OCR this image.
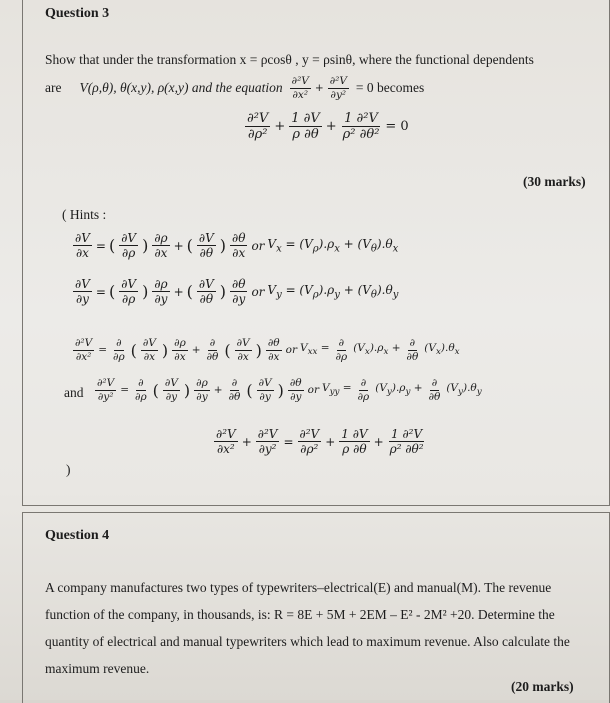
Question 3
Show that under the transformation x = ρcosθ , y = ρsinθ, where the functional dependents
are V(ρ,θ), θ(x,y), ρ(x,y) and the equation $\frac{\text{∂²V}}{\text{∂x²}} + \frac{\text{∂²V}}{\text{∂y²}} = 0$ becomes
$\frac{\text{∂²V}}{\text{∂ρ²}} + \frac{1 \partial V}{\rho \partial\theta} + \frac{\text{1 ∂²V}}{\text{ρ² ∂θ²}} = 0$
(30 marks)
( Hints :
$\frac{\partial V}{\partial x}$ = ( $\frac{\partial V}{\partial\rho}$ ) $\frac{\partial\rho}{\partial x}$ + ( $\frac{\partial V}{\partial\theta}$ ) $\frac{\partial\theta}{\partial x}$ or $V_x = (V_\rho).\rho_x + (V_\theta).\theta_x$
$\frac{\partial V}{\partial y}$ = ( $\frac{\partial V}{\partial\rho}$ ) $\frac{\partial\rho}{\partial y}$ + ( $\frac{\partial V}{\partial\theta}$ ) $\frac{\partial\theta}{\partial y}$ or $V_y = (V_\rho).\rho_y + (V_\theta).\theta_y$
$\frac{\text{∂²V}}{\text{∂x²}} = \frac{\partial}{\partial\rho}$ ( $\frac{\partial V}{\partial x}$ ) $\frac{\partial\rho}{\partial x} + \frac{\partial}{\partial\theta}$ ( $\frac{\partial V}{\partial x}$ ) $\frac{\partial\theta}{\partial x}$ or $V_{xx} = \frac{\partial}{\partial\rho} (V_x).\rho_x + \frac{\partial}{\partial\theta} (V_x).\theta_x$
and $\frac{\text{∂²V}}{\text{∂y²}} = \frac{\partial}{\partial\rho}$ ( $\frac{\partial V}{\partial y}$ ) $\frac{\partial\rho}{\partial y} + \frac{\partial}{\partial\theta}$ ( $\frac{\partial V}{\partial y}$ ) $\frac{\partial\theta}{\partial y}$ or $V_{yy} = \frac{\partial}{\partial\rho} (V_y).\rho_y + \frac{\partial}{\partial\theta} (V_y).\theta_y$
$\frac{\text{∂²V}}{\text{∂x²}} + \frac{\text{∂²V}}{\text{∂y²}} = \frac{\text{∂²V}}{\text{∂ρ²}} + \frac{1 \partial V}{\rho \partial\theta} + \frac{\text{1 ∂²V}}{\text{ρ² ∂θ²}}$
)
Question 4
A company manufactures two types of typewriters–electrical(E) and manual(M). The revenue function of the company, in thousands, is: R = 8E + 5M + 2EM – E² - 2M² +20. Determine the quantity of electrical and manual typewriters which lead to maximum revenue. Also calculate the maximum revenue.
(20 marks)
